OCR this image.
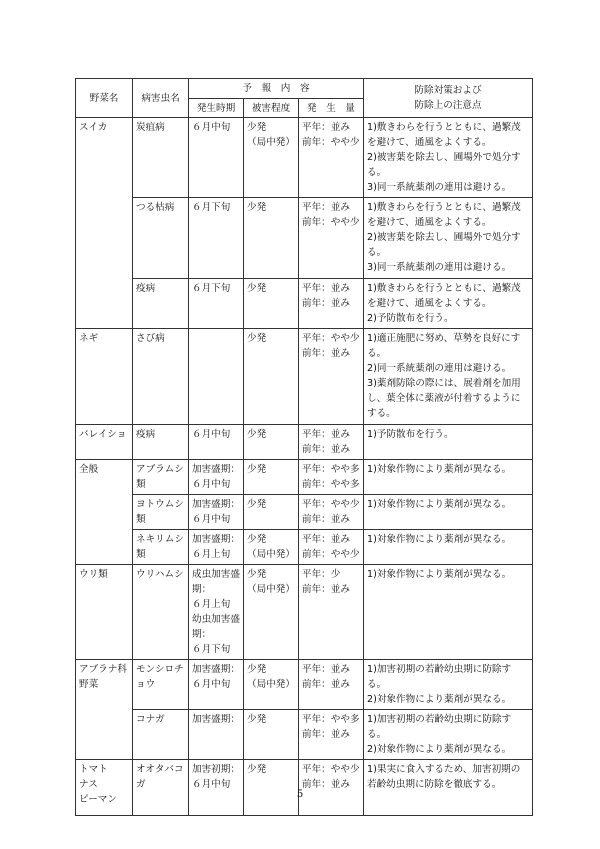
野菜名	病害虫名	予　報　内　容			防除対策および
防除上の注意点

		発生時期	被害程度	発　生　量	
スイカ	炭疽病	６月中旬	少発
（局中発）	平年：並み
前年：やや少	1)敷きわらを行うとともに、過繁茂を避けて、通風をよくする。
2)被害葉を除去し、圃場外で処分する。
3)同一系統薬剤の連用は避ける。
	つる枯病	６月下旬	少発	平年：並み
前年：やや少	1)敷きわらを行うとともに、過繁茂を避けて、通風をよくする。
2)被害葉を除去し、圃場外で処分する。
3)同一系統薬剤の連用は避ける。
	疫病	６月下旬	少発	平年：並み
前年：並み	1)敷きわらを行うとともに、過繁茂を避けて、通風をよくする。
2)予防散布を行う。
ネギ	さび病		少発	平年：やや少
前年：並み	1)適正施肥に努め、草勢を良好にする。
2)同一系統薬剤の連用は避ける。
3)薬剤防除の際には、展着剤を加用し、葉全体に薬液が付着するようにする。
バレイショ	疫病	６月中旬	少発	平年：並み
前年：並み	1)予防散布を行う。
全般	アブラムシ類	加害盛期：
６月中旬	少発	平年：やや多
前年：やや多	1)対象作物により薬剤が異なる。
	ヨトウムシ類	加害盛期：
６月中旬	少発	平年：やや少
前年：並み	1)対象作物により薬剤が異なる。
	ネキリムシ類	加害盛期：
６月上旬	少発
（局中発）	平年：並み
前年：やや少	1)対象作物により薬剤が異なる。
ウリ類	ウリハムシ	成虫加害盛期：
６月上旬
幼虫加害盛期：
６月下旬	少発
（局中発）	平年：少
前年：並み	1)対象作物により薬剤が異なる。
アブラナ科野菜	モンシロチョウ	加害盛期：
６月中旬	少発
（局中発）	平年：並み
前年：並み	1)加害初期の若齢幼虫期に防除する。
2)対象作物により薬剤が異なる。
	コナガ	加害盛期：	少発	平年：やや多
前年：並み	1)加害初期の若齢幼虫期に防除する。
2)対象作物により薬剤が異なる。
トマト
ナス
ピーマン	オオタバコガ	加害初期：
６月中旬	少発	平年：やや少
前年：並み	1)果実に食入するため、加害初期の若齢幼虫期に防除を徹底する。
5
